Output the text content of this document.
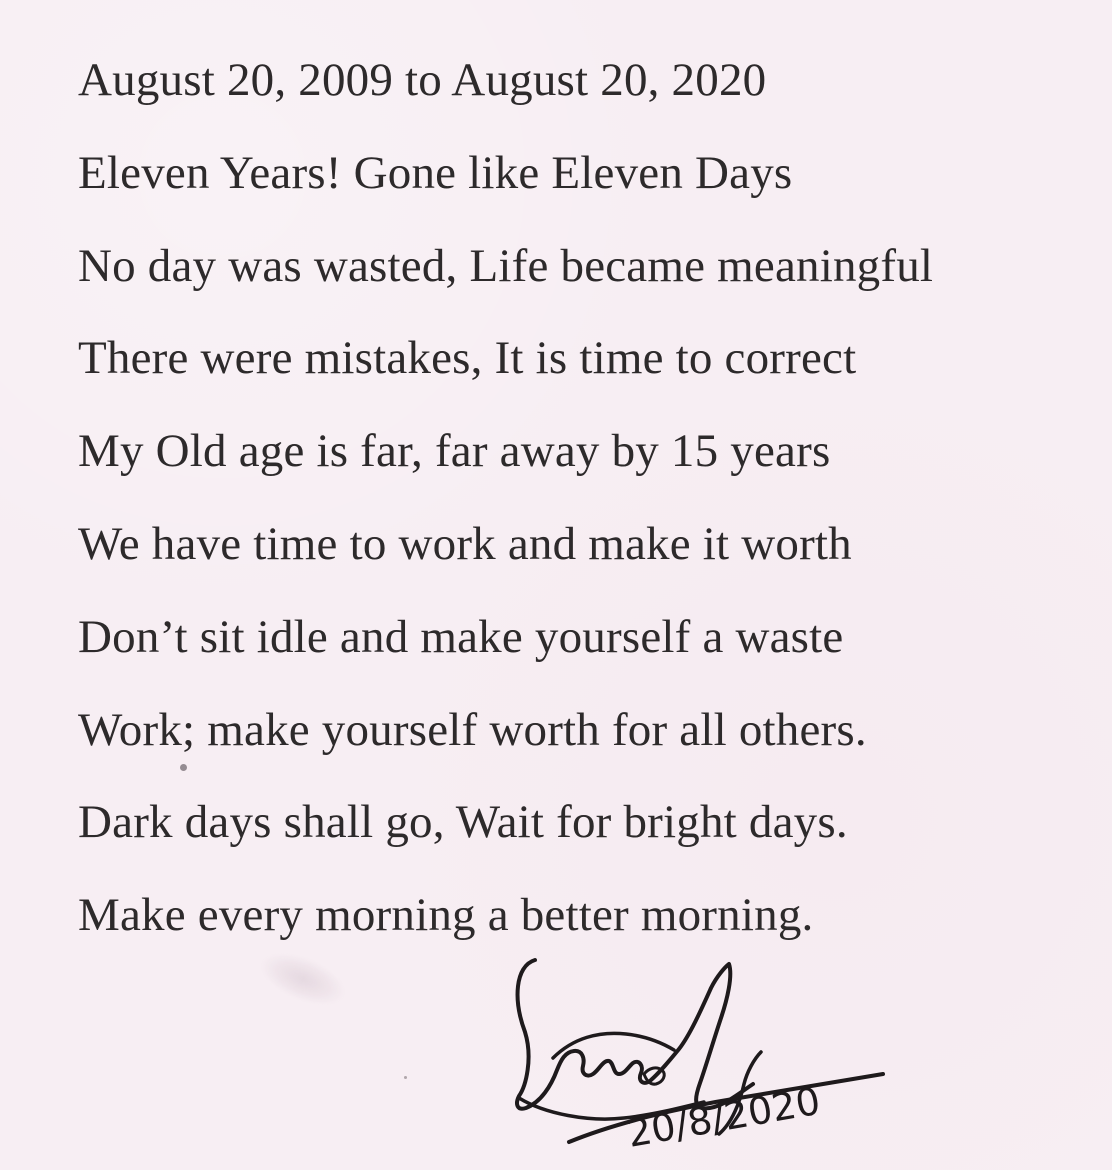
August 20, 2009 to August 20, 2020
Eleven Years! Gone like Eleven Days
No day was wasted, Life became meaningful
There were mistakes, It is time to correct
My Old age is far, far away by 15 years
We have time to work and make it worth
Don’t sit idle and make yourself a waste
Work; make yourself worth for all others.
Dark days shall go, Wait for bright days.
Make every morning a better morning.
20/8/2020
